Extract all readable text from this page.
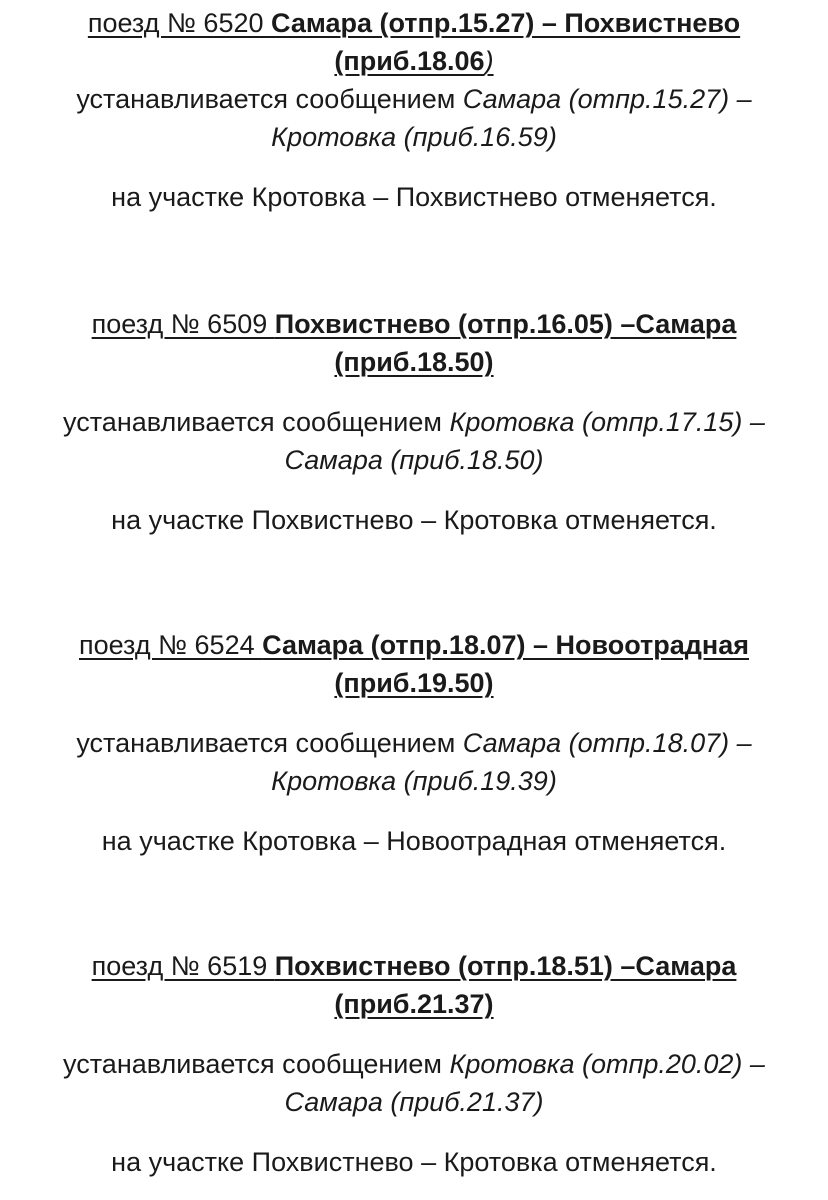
поезд № 6520 Самара (отпр.15.27) – Похвистнево (приб.18.06)

устанавливается сообщением Самара (отпр.15.27) – Кротовка (приб.16.59)

на участке Кротовка – Похвистнево отменяется.

поезд № 6509 Похвистнево (отпр.16.05) –Самара (приб.18.50)

устанавливается сообщением Кротовка (отпр.17.15) – Самара (приб.18.50)

на участке Похвистнево – Кротовка отменяется.

поезд № 6524 Самара (отпр.18.07) – Новоотрадная (приб.19.50)

устанавливается сообщением Самара (отпр.18.07) – Кротовка (приб.19.39)

на участке Кротовка – Новоотрадная отменяется.

поезд № 6519 Похвистнево (отпр.18.51) –Самара (приб.21.37)

устанавливается сообщением Кротовка (отпр.20.02) – Самара (приб.21.37)

на участке Похвистнево – Кротовка отменяется.
